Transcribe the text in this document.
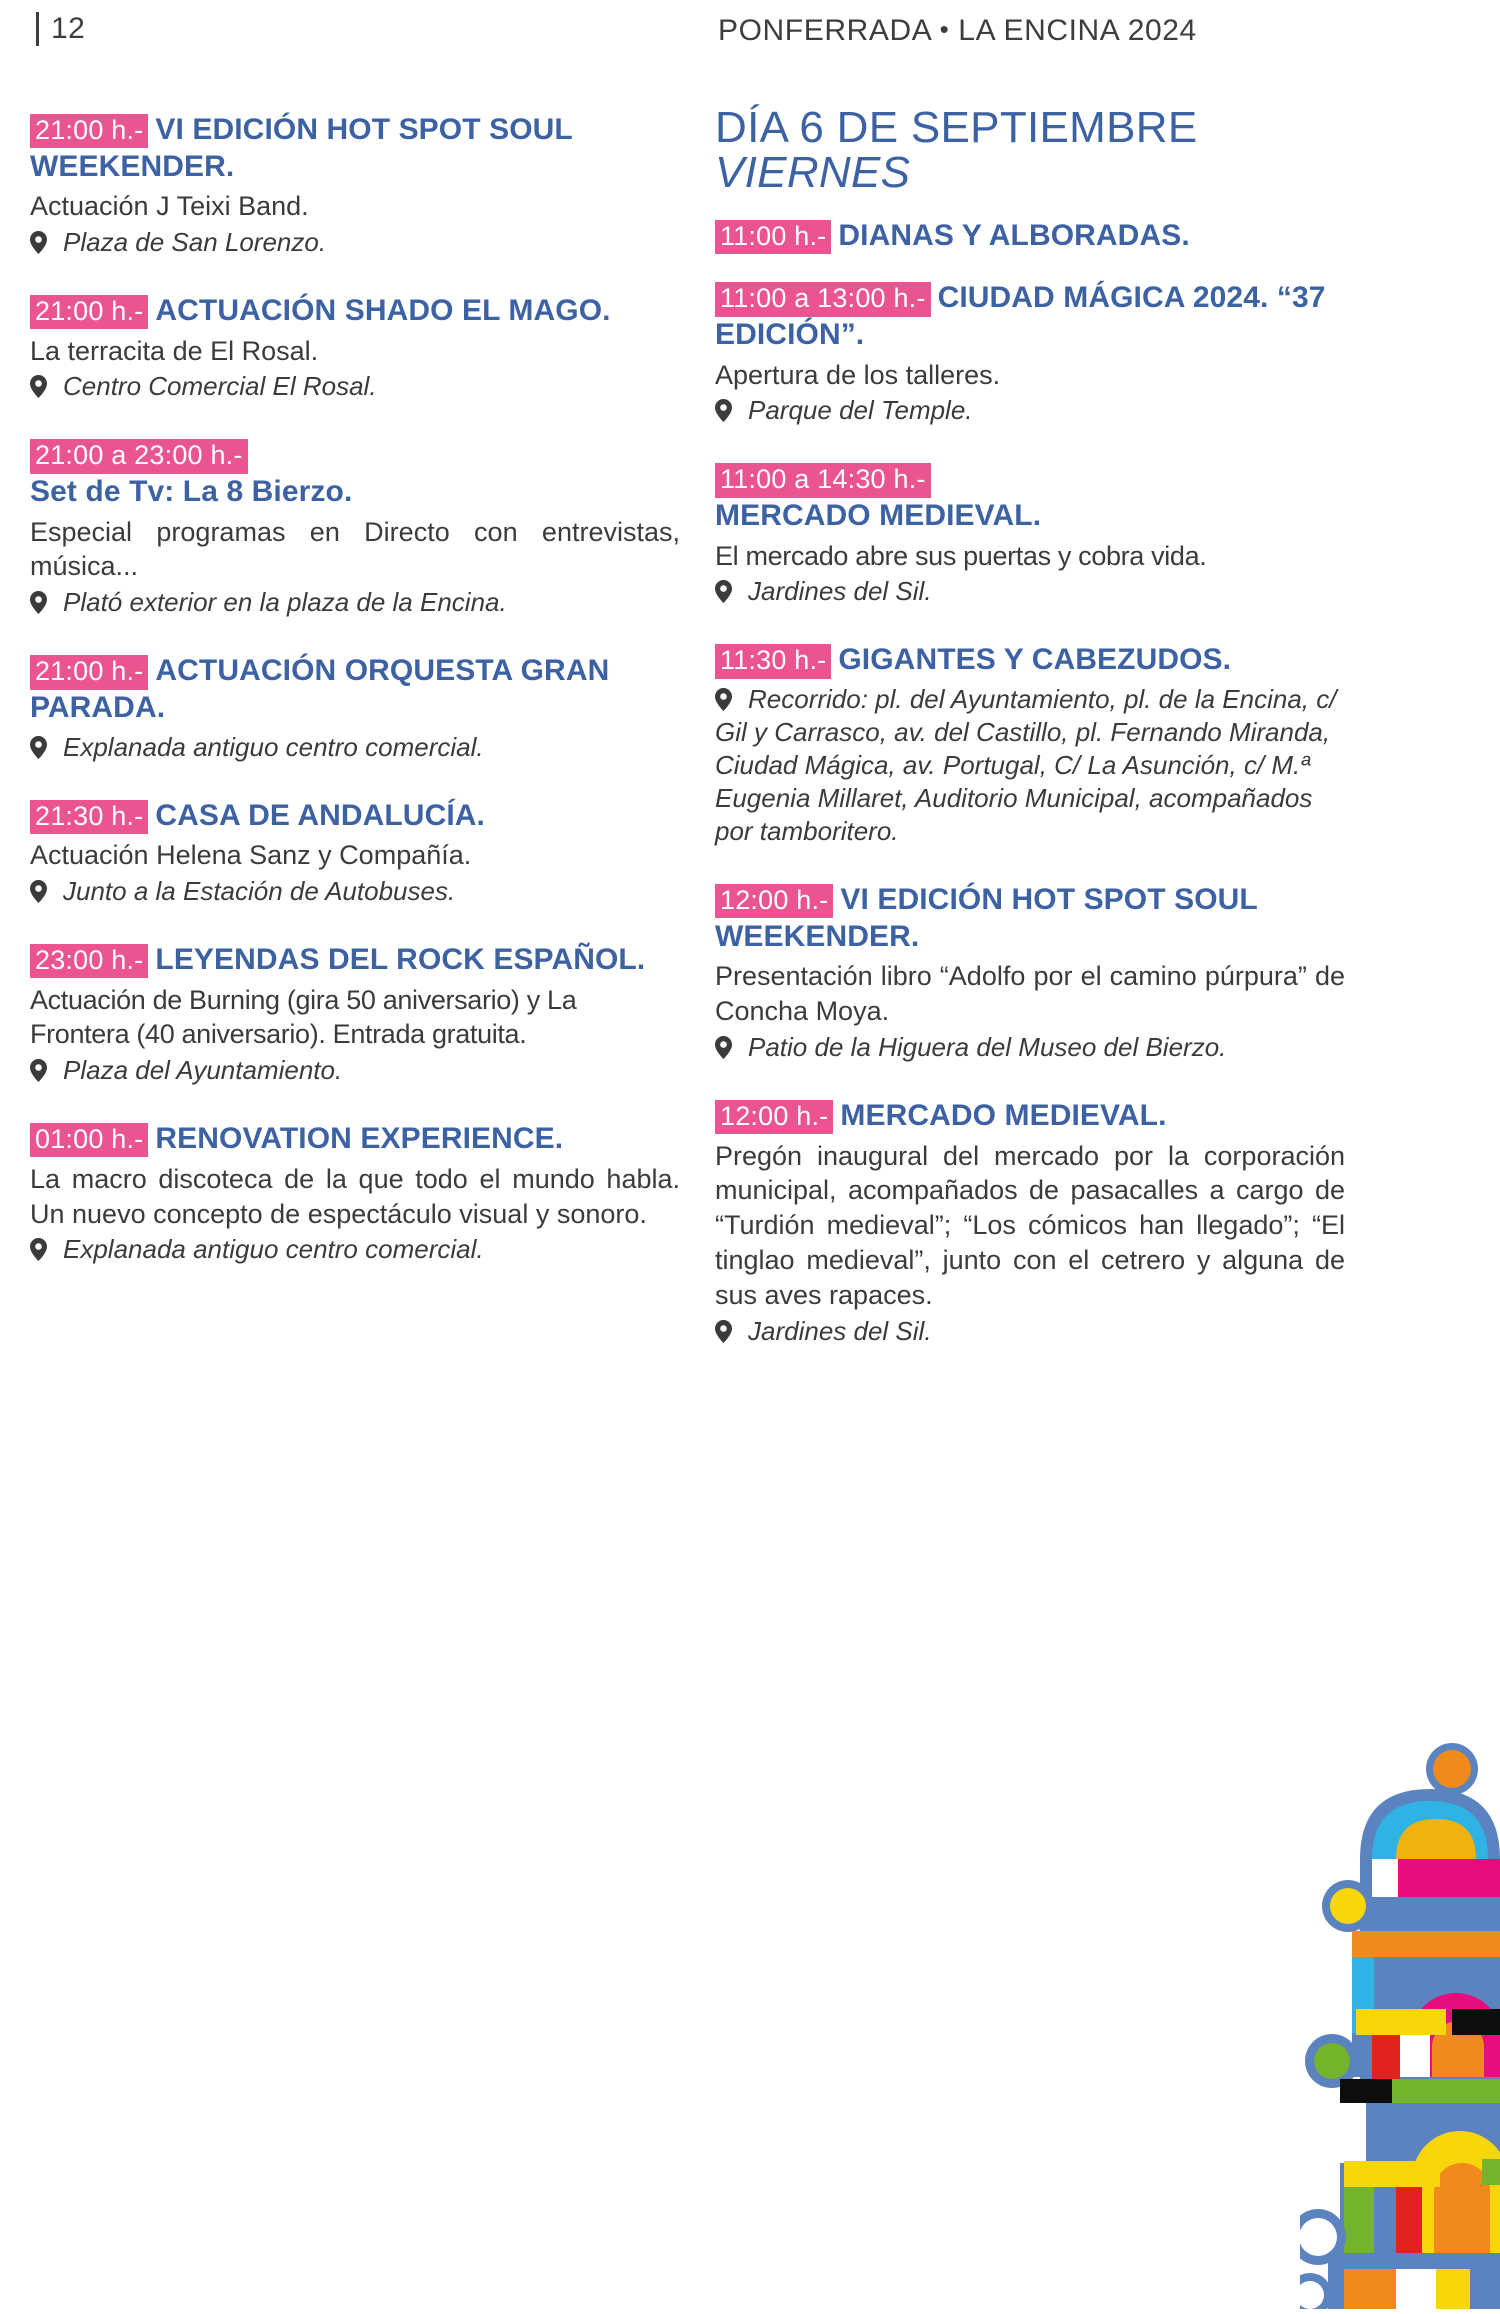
12	PONFERRADA • LA ENCINA 2024
21:00 h.- VI EDICIÓN HOT SPOT SOUL WEEKENDER.

Actuación J Teixi Band.

Plaza de San Lorenzo.

21:00 h.- ACTUACIÓN SHADO EL MAGO.

La terracita de El Rosal.

Centro Comercial El Rosal.

21:00 a 23:00 h.-
Set de Tv: La 8 Bierzo.

Especial programas en Directo con entrevistas, música...

Plató exterior en la plaza de la Encina.

21:00 h.- ACTUACIÓN ORQUESTA GRAN PARADA.

Explanada antiguo centro comercial.

21:30 h.- CASA DE ANDALUCÍA.

Actuación Helena Sanz y Compañía.

Junto a la Estación de Autobuses.

23:00 h.- LEYENDAS DEL ROCK ESPAÑOL.

Actuación de Burning (gira 50 aniversario) y La Frontera (40 aniversario). Entrada gratuita.

Plaza del Ayuntamiento.

01:00 h.- RENOVATION EXPERIENCE.

La macro discoteca de la que todo el mundo habla. Un nuevo concepto de espectáculo visual y sonoro.

Explanada antiguo centro comercial.

DÍA 6 DE SEPTIEMBRE
VIERNES
11:00 h.- DIANAS Y ALBORADAS.
11:00 a 13:00 h.- CIUDAD MÁGICA 2024. “37 EDICIÓN”.

Apertura de los talleres.

Parque del Temple.

11:00 a 14:30 h.-
MERCADO MEDIEVAL.

El mercado abre sus puertas y cobra vida.

Jardines del Sil.

11:30 h.- GIGANTES Y CABEZUDOS.

Recorrido: pl. del Ayuntamiento, pl. de la Encina, c/ Gil y Carrasco, av. del Castillo, pl. Fernando Miranda, Ciudad Mágica, av. Portugal, C/ La Asunción, c/ M.ª Eugenia Millaret, Auditorio Municipal, acompañados por tamboritero.

12:00 h.- VI EDICIÓN HOT SPOT SOUL WEEKENDER.

Presentación libro “Adolfo por el camino púrpura” de Concha Moya.

Patio de la Higuera del Museo del Bierzo.

12:00 h.- MERCADO MEDIEVAL.

Pregón inaugural del mercado por la corporación municipal, acompañados de pasacalles a cargo de “Turdión medieval”; “Los cómicos han llegado”; “El tinglao medieval”, junto con el cetrero y alguna de sus aves rapaces.

Jardines del Sil.
